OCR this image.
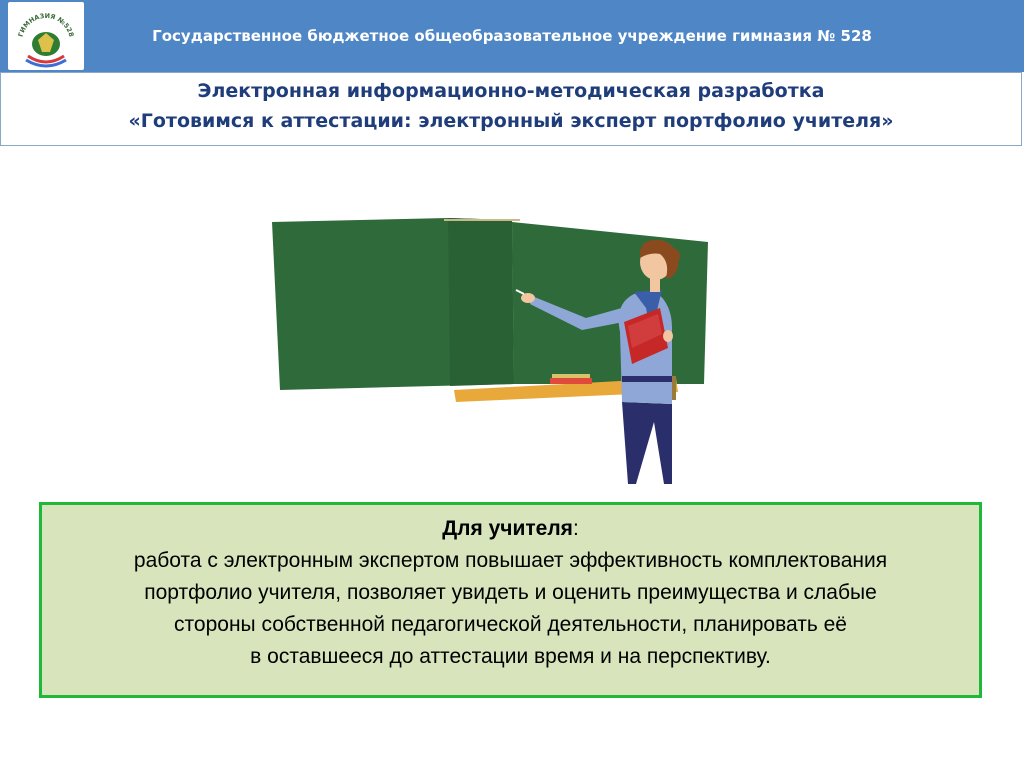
ГИМНАЗИЯ №528	Государственное бюджетное общеобразовательное учреждение гимназия № 528
Электронная информационно-методическая разработка
«Готовимся к аттестации: электронный эксперт портфолио учителя»
Для учителя:
работа с электронным экспертом повышает эффективность комплектования
портфолио учителя, позволяет увидеть и оценить преимущества и слабые
стороны собственной педагогической деятельности, планировать её
в оставшееся до аттестации время и на перспективу.
